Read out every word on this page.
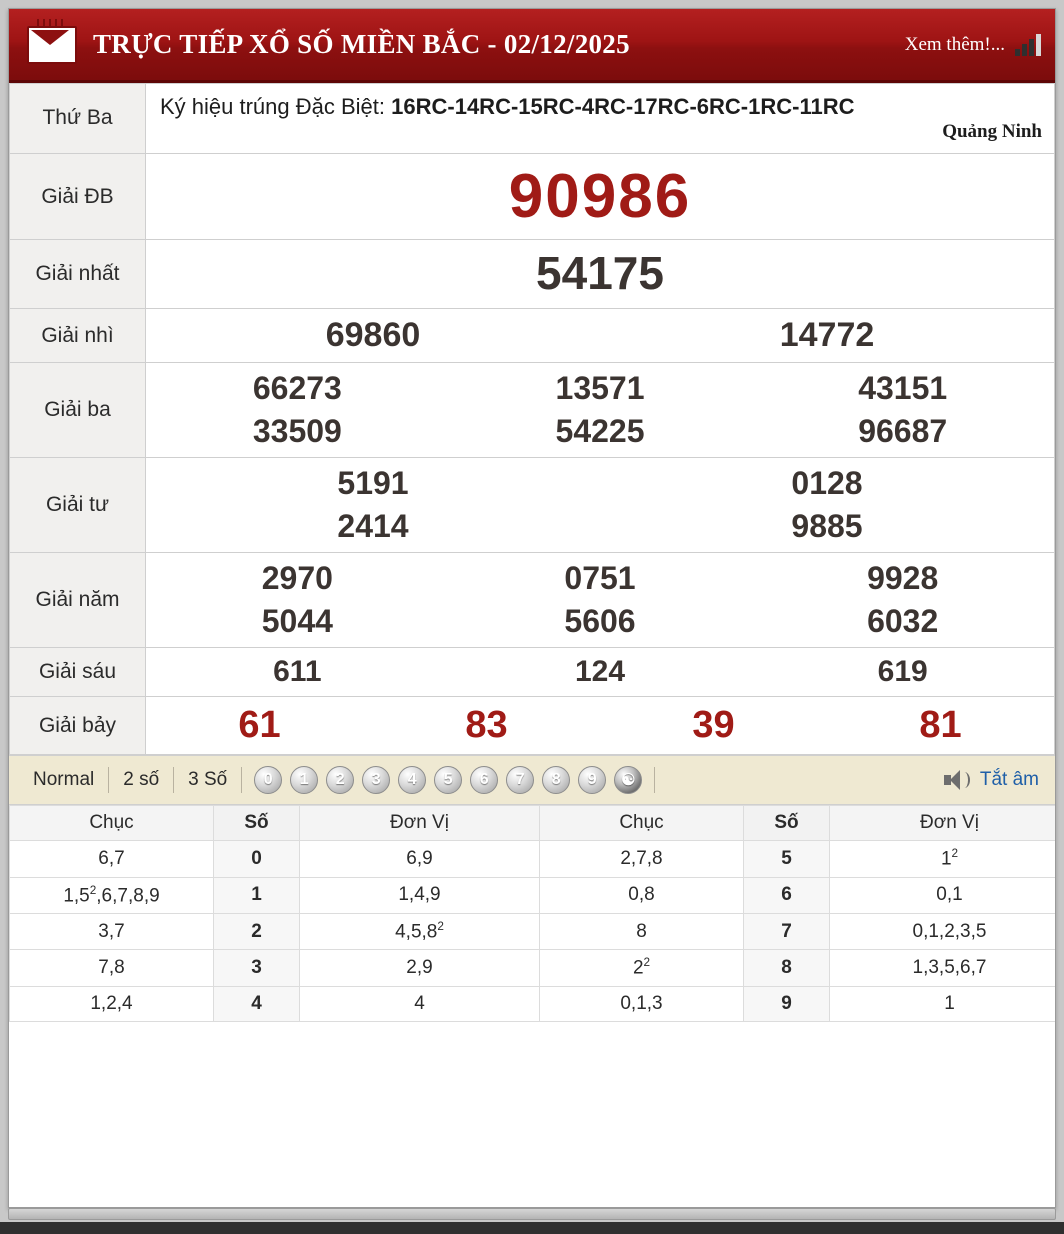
TRỰC TIẾP XỔ SỐ MIỀN BẮC - 02/12/2025	Xem thêm!...
Thứ Ba	Ký hiệu trúng Đặc Biệt: 16RC-14RC-15RC-4RC-17RC-6RC-1RC-11RC
Quảng Ninh

Giải ĐB	90986

Giải nhất	54175

Giải nhì	69860 14772

Giải ba	
66273	13571	43151
33509	54225	96687

Giải tư	5191 0128
2414 9885

Giải năm	
2970	0751	9928
5044	5606	6032

Giải sáu	611 124 619

Giải bảy	61 83 39 81
Normal	2 số	3 Số	0	1	2	3	4	5	6	7	8	9	☯	Tắt âm
Chục	Số	Đơn Vị	Chục	Số	Đơn Vị
6,7	0	6,9	2,7,8	5	$1^2$
$1,5^2,6,7,8,9$	1	1,4,9	0,8	6	0,1
3,7	2	4,5,8$^2$	8	7	0,1,2,3,5
7,8	3	2,9	$2^2$	8	1,3,5,6,7
1,2,4	4	4	0,1,3	9	1
